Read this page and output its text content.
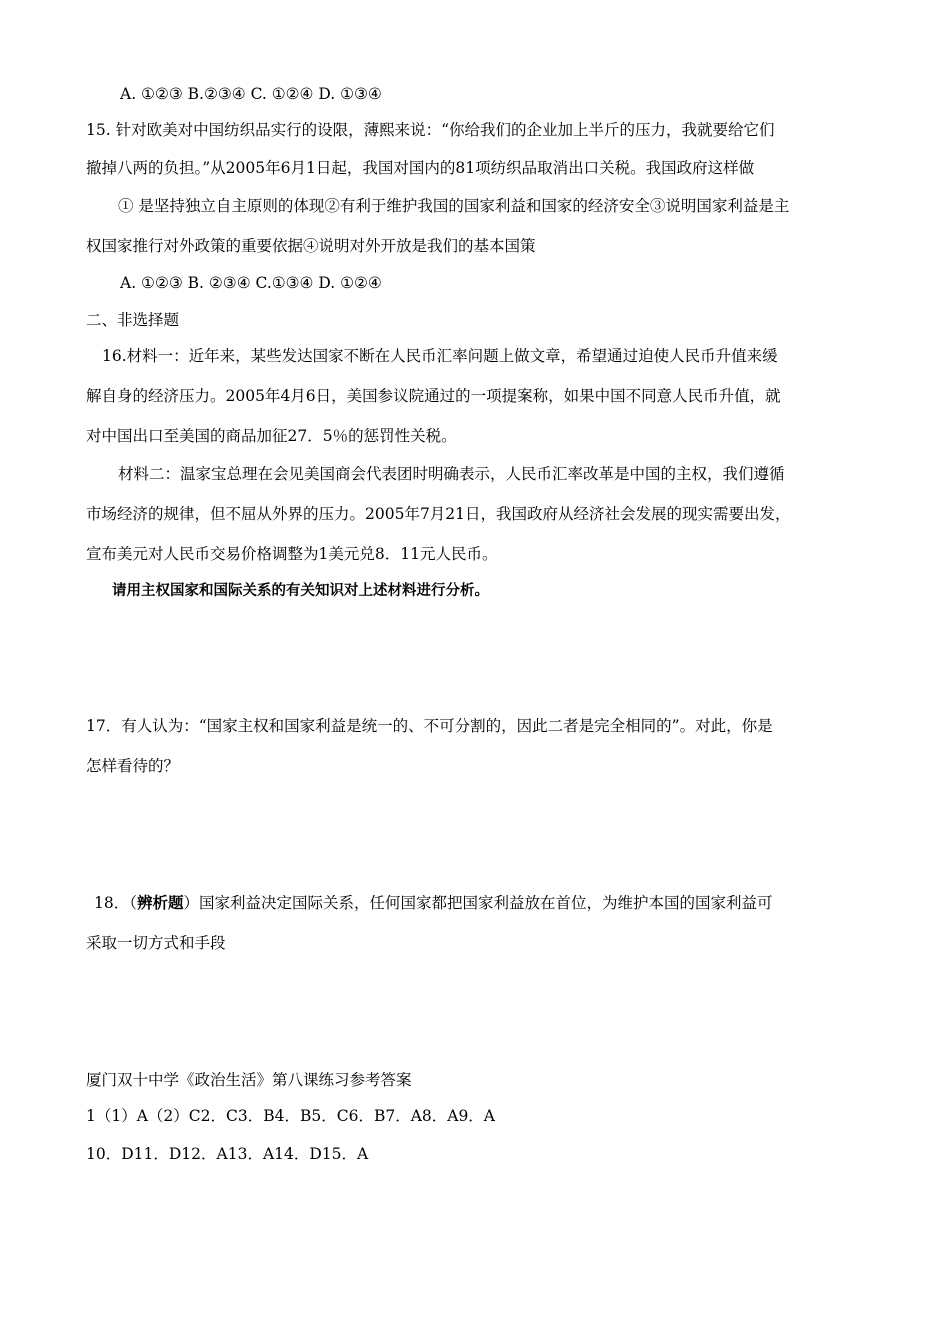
A. ①②③ B.②③④ C. ①②④ D. ①③④
15. 针对欧美对中国纺织品实行的设限，薄熙来说：“你给我们的企业加上半斤的压力，我就要给它们
撤掉八两的负担。”从2005年6月1日起，我国对国内的81项纺织品取消出口关税。我国政府这样做
① 是坚持独立自主原则的体现②有利于维护我国的国家利益和国家的经济安全③说明国家利益是主
权国家推行对外政策的重要依据④说明对外开放是我们的基本国策
A. ①②③ B. ②③④ C.①③④ D. ①②④
二、非选择题
16.材料一：近年来，某些发达国家不断在人民币汇率问题上做文章，希望通过迫使人民币升值来缓
解自身的经济压力。2005年4月6日，美国参议院通过的一项提案称，如果中国不同意人民币升值，就
对中国出口至美国的商品加征27．5％的惩罚性关税。
材料二：温家宝总理在会见美国商会代表团时明确表示，人民币汇率改革是中国的主权，我们遵循
市场经济的规律，但不屈从外界的压力。2005年7月21日，我国政府从经济社会发展的现实需要出发，
宣布美元对人民币交易价格调整为1美元兑8．11元人民币。
请用主权国家和国际关系的有关知识对上述材料进行分析。
17．有人认为：“国家主权和国家利益是统一的、不可分割的，因此二者是完全相同的”。对此，你是
怎样看待的？
18．（辨析题）国家利益决定国际关系，任何国家都把国家利益放在首位，为维护本国的国家利益可
采取一切方式和手段
厦门双十中学《政治生活》第八课练习参考答案
1（1）A（2）C2．C3．B4．B5．C6．B7．A8．A9．A
10．D11．D12．A13．A14．D15．A
